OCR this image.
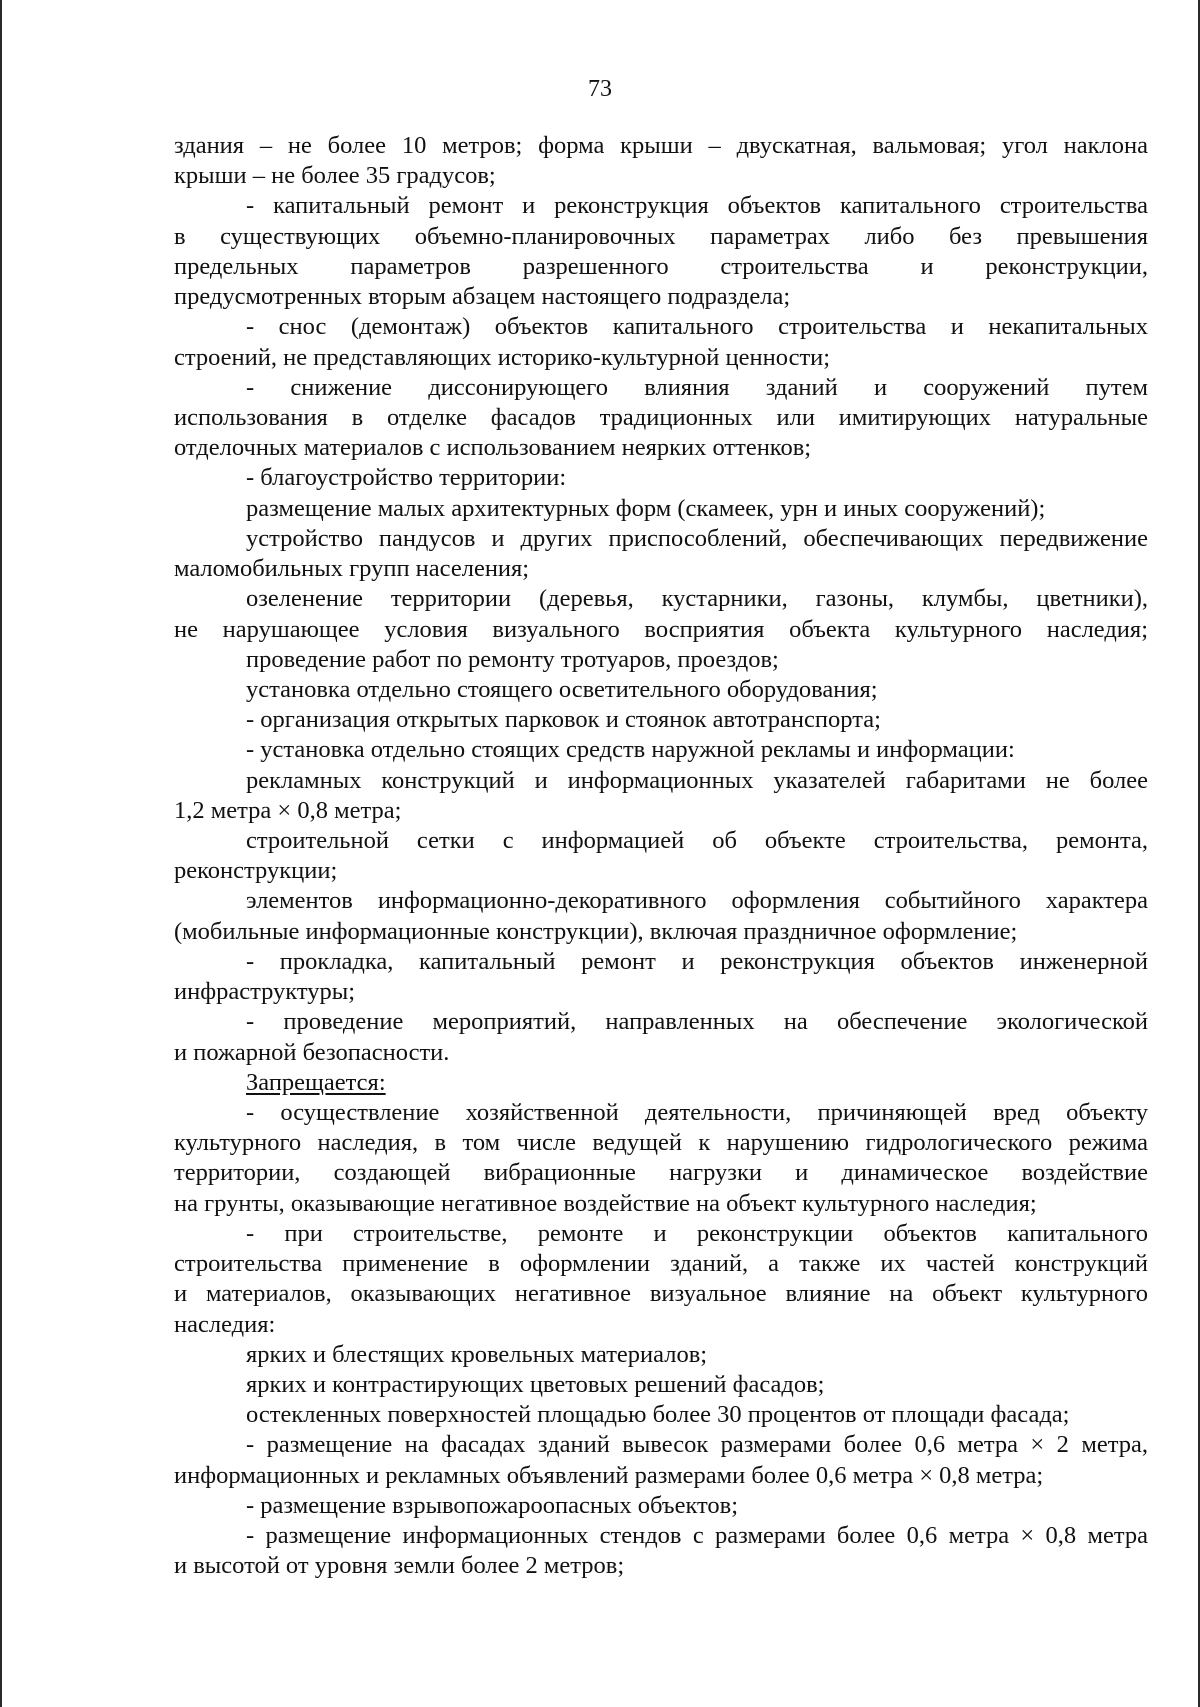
73
здания – не более 10 метров; форма крыши – двускатная, вальмовая; угол наклона
крыши – не более 35 градусов;
- капитальный ремонт и реконструкция объектов капитального строительства
в существующих объемно-планировочных параметрах либо без превышения
предельных параметров разрешенного строительства и реконструкции,
предусмотренных вторым абзацем настоящего подраздела;
- снос (демонтаж) объектов капитального строительства и некапитальных
строений, не представляющих историко-культурной ценности;
- снижение диссонирующего влияния зданий и сооружений путем
использования в отделке фасадов традиционных или имитирующих натуральные
отделочных материалов с использованием неярких оттенков;
- благоустройство территории:
размещение малых архитектурных форм (скамеек, урн и иных сооружений);
устройство пандусов и других приспособлений, обеспечивающих передвижение
маломобильных групп населения;
озеленение территории (деревья, кустарники, газоны, клумбы, цветники),
не нарушающее условия визуального восприятия объекта культурного наследия;
проведение работ по ремонту тротуаров, проездов;
установка отдельно стоящего осветительного оборудования;
- организация открытых парковок и стоянок автотранспорта;
- установка отдельно стоящих средств наружной рекламы и информации:
рекламных конструкций и информационных указателей габаритами не более
1,2 метра × 0,8 метра;
строительной сетки с информацией об объекте строительства, ремонта,
реконструкции;
элементов информационно-декоративного оформления событийного характера
(мобильные информационные конструкции), включая праздничное оформление;
- прокладка, капитальный ремонт и реконструкция объектов инженерной
инфраструктуры;
- проведение мероприятий, направленных на обеспечение экологической
и пожарной безопасности.
Запрещается:
- осуществление хозяйственной деятельности, причиняющей вред объекту
культурного наследия, в том числе ведущей к нарушению гидрологического режима
территории, создающей вибрационные нагрузки и динамическое воздействие
на грунты, оказывающие негативное воздействие на объект культурного наследия;
- при строительстве, ремонте и реконструкции объектов капитального
строительства применение в оформлении зданий, а также их частей конструкций
и материалов, оказывающих негативное визуальное влияние на объект культурного
наследия:
ярких и блестящих кровельных материалов;
ярких и контрастирующих цветовых решений фасадов;
остекленных поверхностей площадью более 30 процентов от площади фасада;
- размещение на фасадах зданий вывесок размерами более 0,6 метра × 2 метра,
информационных и рекламных объявлений размерами более 0,6 метра × 0,8 метра;
- размещение взрывопожароопасных объектов;
- размещение информационных стендов с размерами более 0,6 метра × 0,8 метра
и высотой от уровня земли более 2 метров;
